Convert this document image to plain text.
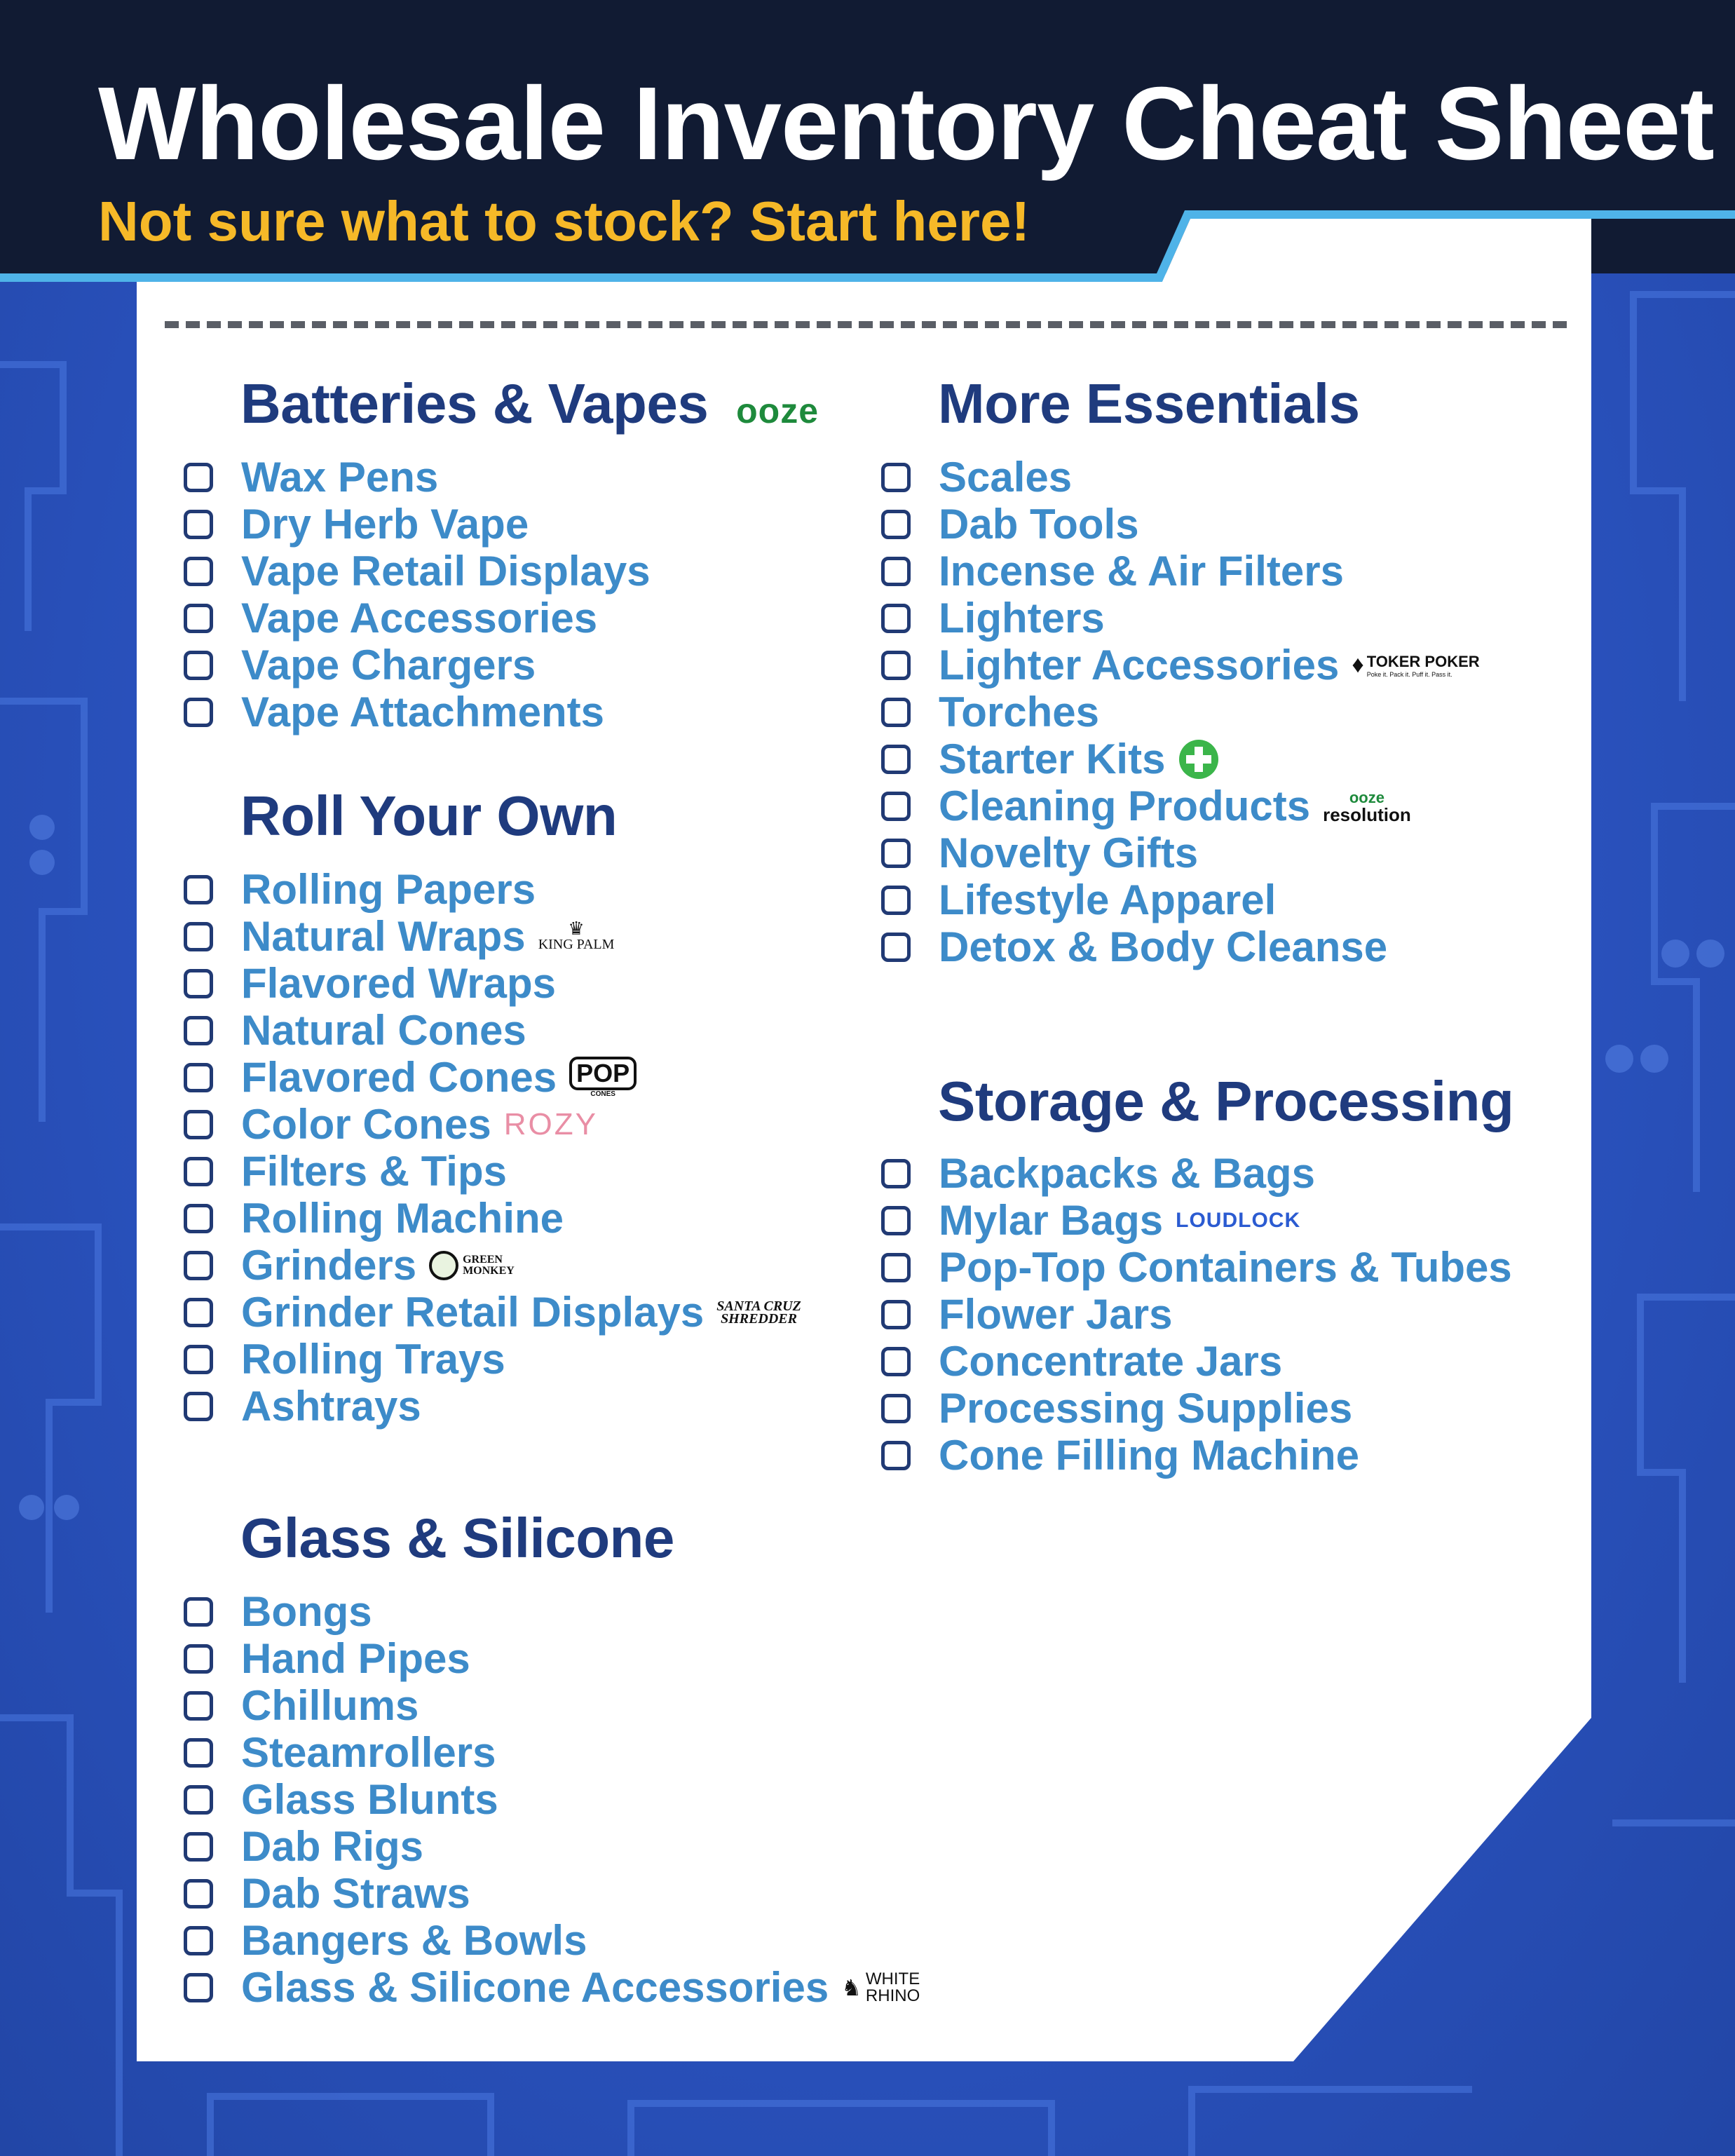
Wholesale Inventory Cheat Sheet
Not sure what to stock? Start here!
Batteries & Vapes ooze
Wax Pens
Dry Herb Vape
Vape Retail Displays
Vape Accessories
Vape Chargers
Vape Attachments
Roll Your Own
Rolling Papers
Natural Wraps ♛
KING PALM
Flavored Wraps
Natural Cones
Flavored Cones POP
CONES
Color Cones ROZY
Filters & Tips
Rolling Machine
Grinders	GREEN
MONKEY
Grinder Retail Displays SANTA CRUZ
SHREDDER
Rolling Trays
Ashtrays
Glass & Silicone
Bongs
Hand Pipes
Chillums
Steamrollers
Glass Blunts
Dab Rigs
Dab Straws
Bangers & Bowls
Glass & Silicone Accessories ♞ WHITE
RHINO
More Essentials
Scales
Dab Tools
Incense & Air Filters
Lighters
Lighter Accessories ♦ TOKER POKER
Poke it. Pack it. Puff it. Pass it.
Torches
Starter Kits
Cleaning Products	ooze
resolution
Novelty Gifts
Lifestyle Apparel
Detox & Body Cleanse
Storage & Processing
Backpacks & Bags
Mylar Bags LOUDLOCK
Pop-Top Containers & Tubes
Flower Jars
Concentrate Jars
Processing Supplies
Cone Filling Machine
